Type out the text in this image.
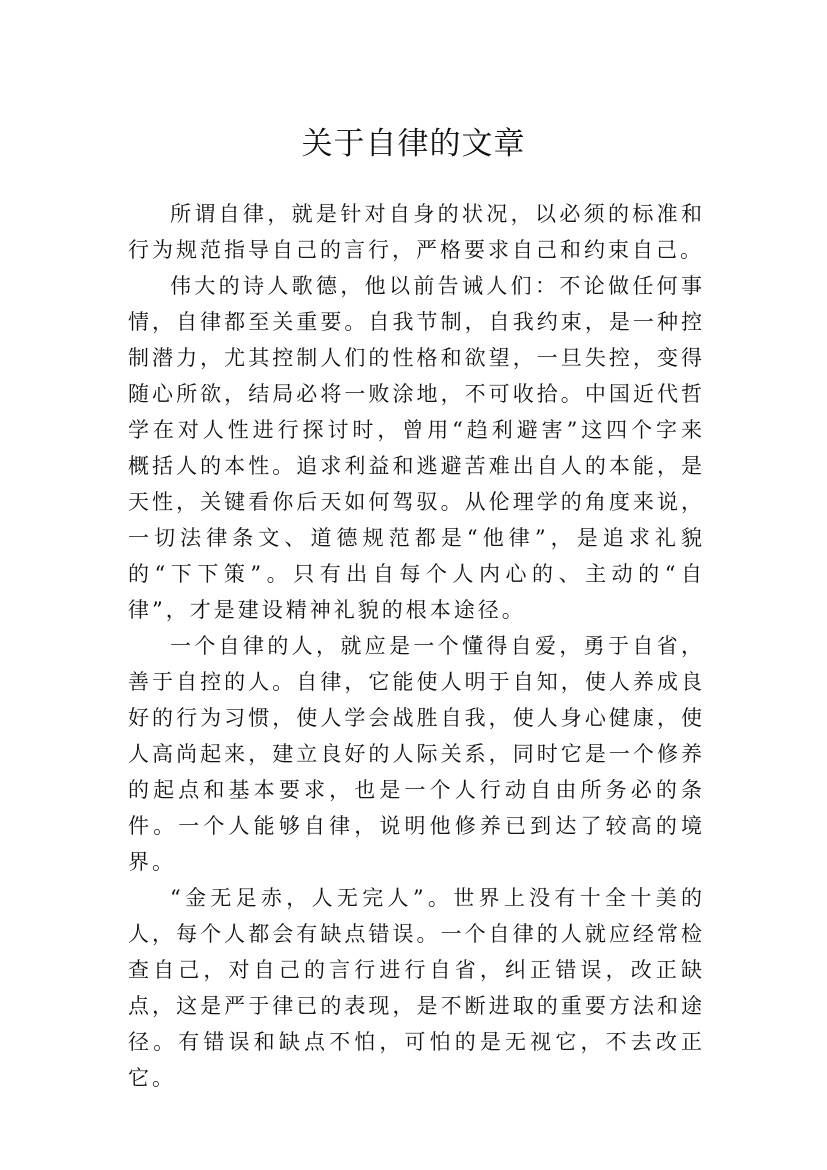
关于自律的文章

所谓自律，就是针对自身的状况，以必须的标准和行为规范指导自己的言行，严格要求自己和约束自己。

伟大的诗人歌德，他以前告诫人们：不论做任何事情，自律都至关重要。自我节制，自我约束，是一种控制潜力，尤其控制人们的性格和欲望，一旦失控，变得随心所欲，结局必将一败涂地，不可收拾。中国近代哲学在对人性进行探讨时，曾用“趋利避害”这四个字来概括人的本性。追求利益和逃避苦难出自人的本能，是天性，关键看你后天如何驾驭。从伦理学的角度来说，一切法律条文、道德规范都是“他律”，是追求礼貌的“下下策”。只有出自每个人内心的、主动的“自律”，才是建设精神礼貌的根本途径。

一个自律的人，就应是一个懂得自爱，勇于自省，善于自控的人。自律，它能使人明于自知，使人养成良好的行为习惯，使人学会战胜自我，使人身心健康，使人高尚起来，建立良好的人际关系，同时它是一个修养的起点和基本要求，也是一个人行动自由所务必的条件。一个人能够自律，说明他修养已到达了较高的境界。

“金无足赤，人无完人”。世界上没有十全十美的人，每个人都会有缺点错误。一个自律的人就应经常检查自己，对自己的言行进行自省，纠正错误，改正缺点，这是严于律已的表现，是不断进取的重要方法和途径。有错误和缺点不怕，可怕的是无视它，不去改正它。
